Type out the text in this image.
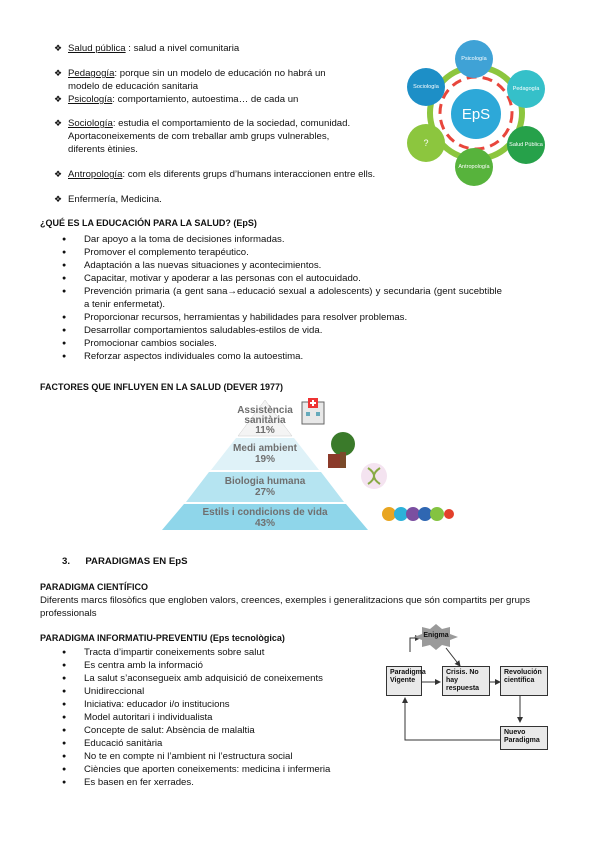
❖ Salud pública : salud a nivel comunitaria
❖ Pedagogía: porque sin un modelo de educación no habrá un
modelo de educación sanitaria
❖ Psicología: comportamiento, autoestima… de cada un
❖ Sociología: estudia el comportamiento de la sociedad, comunidad.
Aportaconeixements de com treballar amb grups vulnerables,
diferents ètinies.
❖ Antropología: com els diferents grups d’humans interaccionen entre ells.
❖ Enfermería, Medicina.
EpS
Psicología
Pedagogía
Salud Pública
Antropología
?
Sociología
¿QUÉ ES LA EDUCACIÓN PARA LA SALUD? (EpS)
● Dar apoyo a la toma de decisiones informadas.
● Promover el complemento terapéutico.
● Adaptación a las nuevas situaciones y acontecimientos.
● Capacitar, motivar y apoderar a las personas con el autocuidado.
● Prevención primaria (a gent sana→educació sexual a adolescents) y secundaria (gent sucebtible a tenir enfermetat).
● Proporcionar recursos, herramientas y habilidades para resolver problemas.
● Desarrollar comportamientos saludables-estilos de vida.
● Promocionar cambios sociales.
● Reforzar aspectos individuales como la autoestima.
FACTORES QUE INFLUYEN EN LA SALUD (DEVER 1977)
Assistència sanitària
11%
Medi ambient
19%
Biologia humana
27%
Estils i condicions de vida
43%
3. PARADIGMAS EN EpS
PARADIGMA CIENTÍFICO
Diferents marcs filosòfics que engloben valors, creences, exemples i generalitzacions que són compartits per grups professionals
PARADIGMA INFORMATIU-PREVENTIU (Eps tecnològica)
● Tracta d’impartir coneixements sobre salut
● Es centra amb la informació
● La salut s’aconsegueix amb adquisició de coneixements
● Unidireccional
● Iniciativa: educador i/o institucions
● Model autoritari i individualista
● Concepte de salut: Absència de malaltia
● Educació sanitària
● No te en compte ni l’ambient ni l’estructura social
● Ciències que aporten coneixements: medicina i infermeria
● Es basen en fer xerrades.
Enigma
Paradigma Vigente
Crisis. No hay respuesta
Revolución científica
Nuevo Paradigma
